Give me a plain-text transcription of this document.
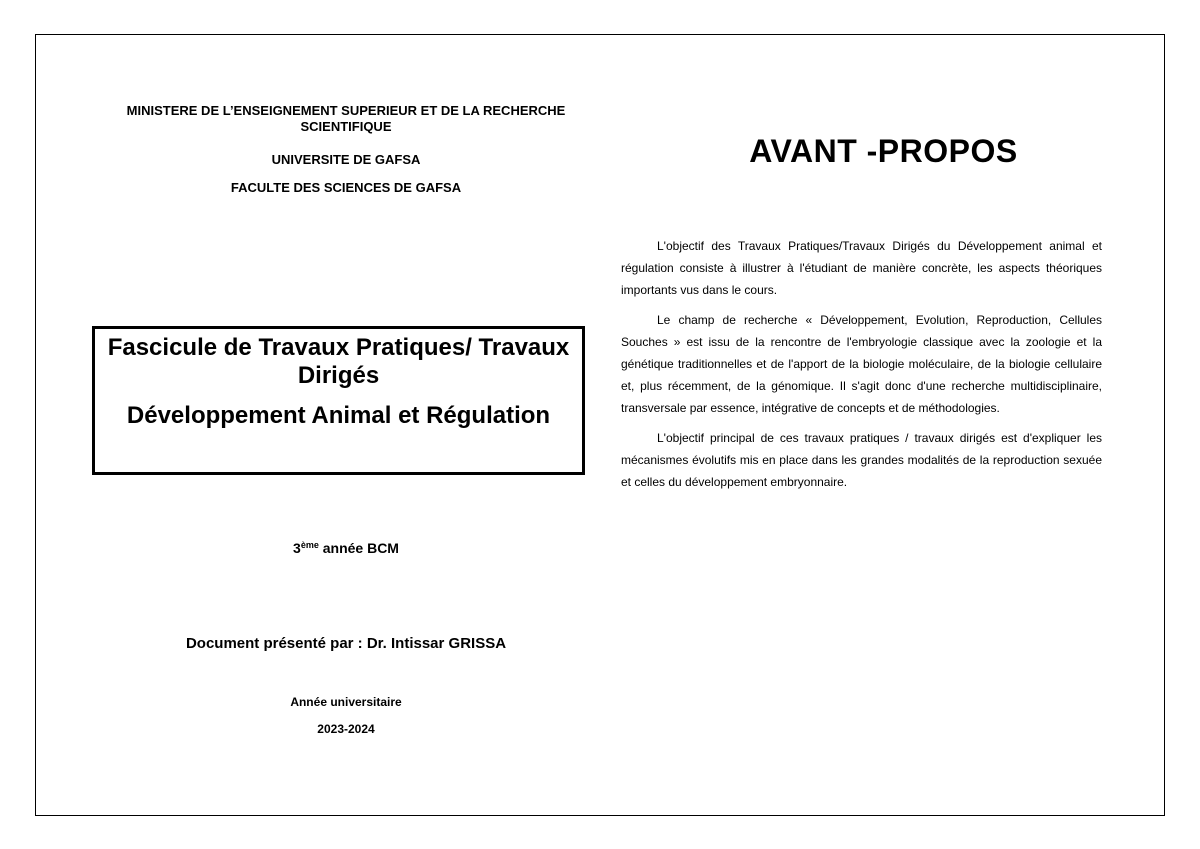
MINISTERE DE L’ENSEIGNEMENT SUPERIEUR ET DE LA RECHERCHE SCIENTIFIQUE
UNIVERSITE DE GAFSA
FACULTE DES SCIENCES DE GAFSA
Fascicule de Travaux Pratiques/ Travaux Dirigés
Développement Animal et Régulation
3ème année BCM
Document présenté par : Dr. Intissar GRISSA
Année universitaire
2023-2024
AVANT -PROPOS

L'objectif des Travaux Pratiques/Travaux Dirigés du Développement animal et régulation consiste à illustrer à l'étudiant de manière concrète, les aspects théoriques importants vus dans le cours.

Le champ de recherche « Développement, Evolution, Reproduction, Cellules Souches » est issu de la rencontre de l'embryologie classique avec la zoologie et la génétique traditionnelles et de l'apport de la biologie moléculaire, de la biologie cellulaire et, plus récemment, de la génomique. Il s'agit donc d'une recherche multidisciplinaire, transversale par essence, intégrative de concepts et de méthodologies.

L'objectif principal de ces travaux pratiques / travaux dirigés est d'expliquer les mécanismes évolutifs mis en place dans les grandes modalités de la reproduction sexuée et celles du développement embryonnaire.
